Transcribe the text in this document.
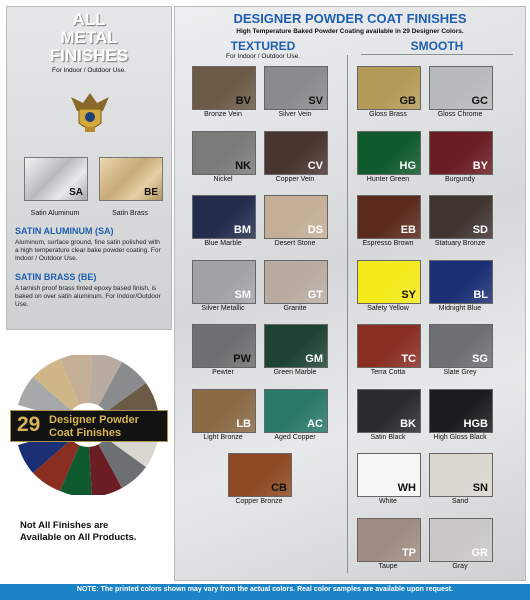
ALL
METAL
FINISHES
For Indoor / Outdoor Use.
SA	BE
Satin Aluminum	Satin Brass
SATIN ALUMINUM (SA)
Aluminum, surface ground, fine satin polished with a high temperature clear bake powder coating. For Indoor / Outdoor Use.
SATIN BRASS (BE)
A tarnish proof brass tinted epoxy based finish, is baked on over satin aluminum. For Indoor/Outdoor Use.
29 Designer Powder
Coat Finishes
Not All Finishes are
Available on All Products.
DESIGNER POWDER COAT FINISHES
High Temperature Baked Powder Coating available in 29 Designer Colors.
TEXTURED
For Indoor / Outdoor Use.
SMOOTH
BV
Bronze Vein
SV
Silver Vein
NK
Nickel
CV
Copper Vein
BM
Blue Marble
DS
Desert Stone
SM
Silver Metallic
GT
Granite
PW
Pewter
GM
Green Marble
LB
Light Bronze
AC
Aged Copper
CB
Copper Bronze
GB
Gloss Brass
GC
Gloss Chrome
HG
Hunter Green
BY
Burgundy
EB
Espresso Brown
SD
Statuary Bronze
SY
Safety Yellow
BL
Midnight Blue
TC
Terra Cotta
SG
Slate Grey
BK
Satin Black
HGB
High Gloss Black
WH
White
SN
Sand
TP
Taupe
GR
Gray
NOTE: The printed colors shown may vary from the actual colors. Real color samples are available upon request.
